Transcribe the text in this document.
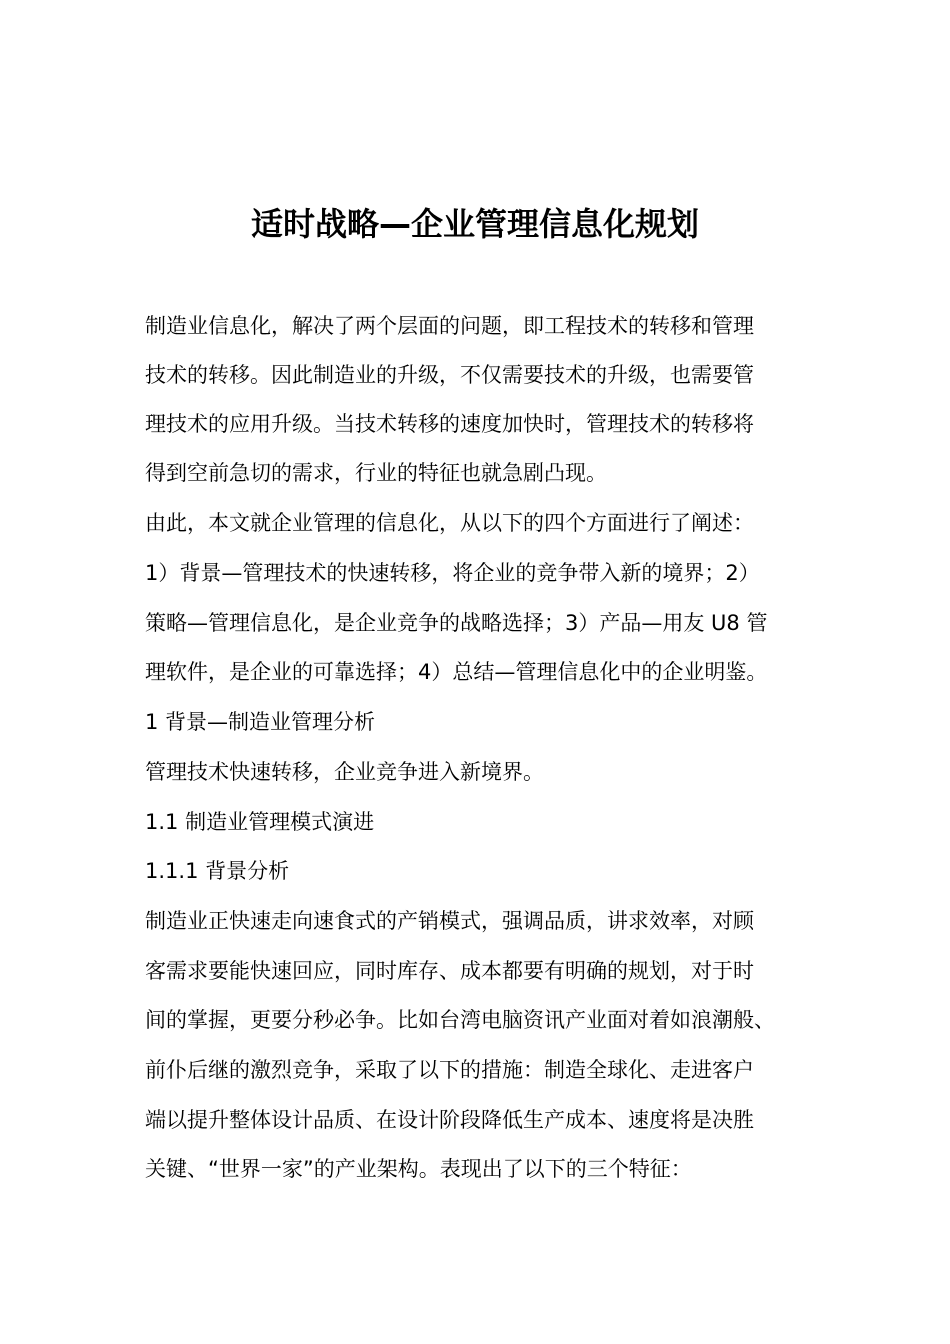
适时战略—企业管理信息化规划
制造业信息化，解决了两个层面的问题，即工程技术的转移和管理
技术的转移。因此制造业的升级，不仅需要技术的升级，也需要管
理技术的应用升级。当技术转移的速度加快时，管理技术的转移将
得到空前急切的需求，行业的特征也就急剧凸现。
由此，本文就企业管理的信息化，从以下的四个方面进行了阐述：
1）背景—管理技术的快速转移，将企业的竞争带入新的境界；2）
策略—管理信息化，是企业竞争的战略选择；3）产品—用友 U8 管
理软件，是企业的可靠选择；4）总结—管理信息化中的企业明鉴。
1 背景—制造业管理分析
管理技术快速转移，企业竞争进入新境界。
1.1 制造业管理模式演进
1.1.1 背景分析
制造业正快速走向速食式的产销模式，强调品质，讲求效率，对顾
客需求要能快速回应，同时库存、成本都要有明确的规划，对于时
间的掌握，更要分秒必争。比如台湾电脑资讯产业面对着如浪潮般、
前仆后继的激烈竞争，采取了以下的措施：制造全球化、走进客户
端以提升整体设计品质、在设计阶段降低生产成本、速度将是决胜
关键、“世界一家”的产业架构。表现出了以下的三个特征：
